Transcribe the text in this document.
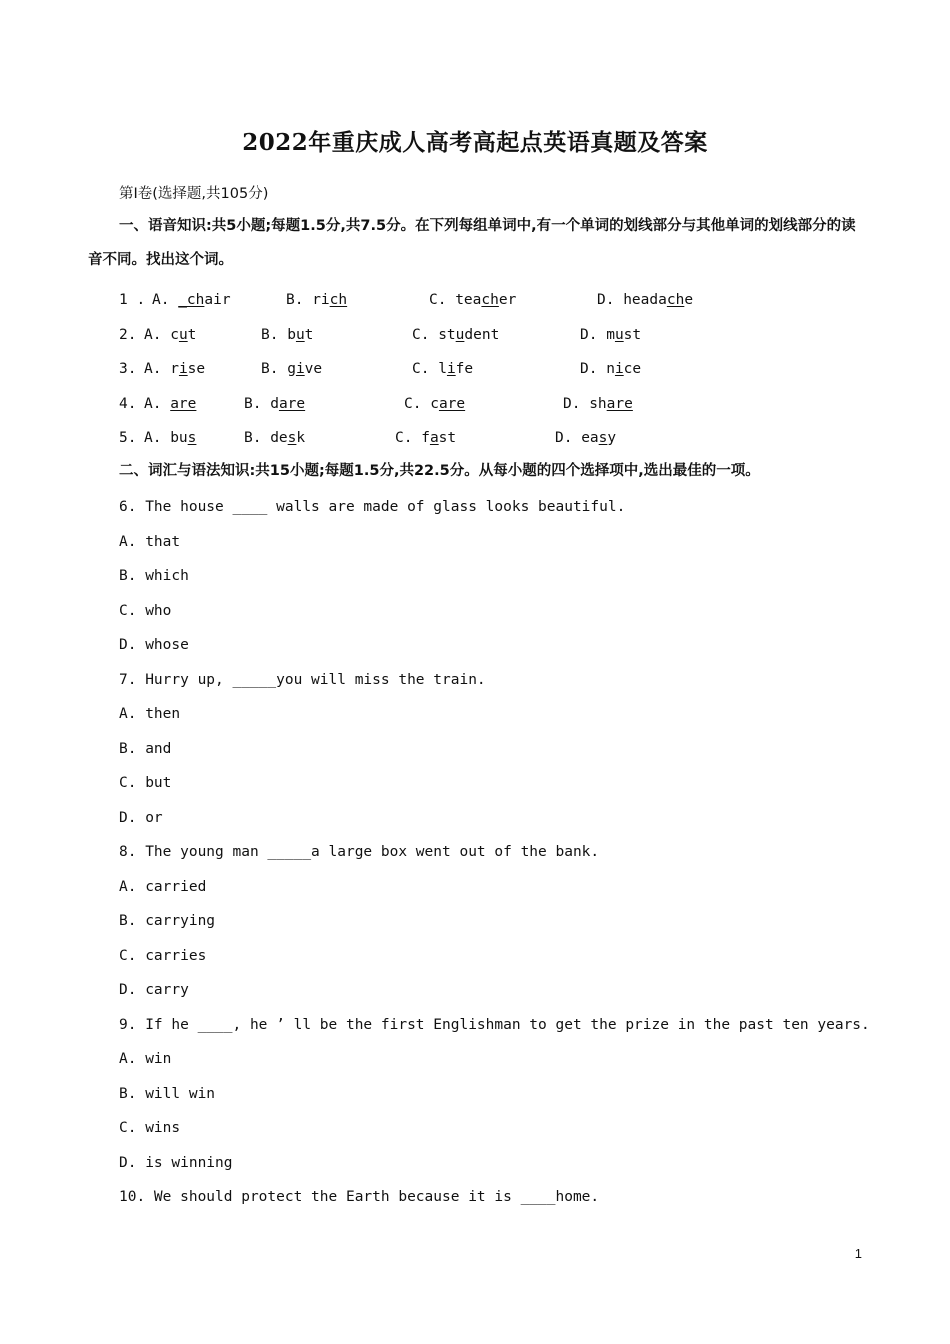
2022年重庆成人高考高起点英语真题及答案
第Ⅰ卷(选择题,共105分)
一、语音知识:共5小题;每题1.5分,共7.5分。在下列每组单词中,有一个单词的划线部分与其他单词的划线部分的读音不同。找出这个词。
1 . A. _chair	B. rich	C. teacher	D. headache
2. A. cut	B. but	C. student	D. must
3. A. rise	B. give	C. life	D. nice
4. A. are	B. dare	C. care	D. share
5. A. bus	B. desk	C. fast	D. easy
二、词汇与语法知识:共15小题;每题1.5分,共22.5分。从每小题的四个选择项中,选出最佳的一项。
6. The house ____ walls are made of glass looks beautiful.
A. that
B. which
C. who
D. whose
7. Hurry up, _____you will miss the train.
A. then
B. and
C. but
D. or
8. The young man _____a large box went out of the bank.
A. carried
B. carrying
C. carries
D. carry
9. If he ____, he ’ ll be the first Englishman to get the prize in the past ten years.
A. win
B. will win
C. wins
D. is winning
10. We should protect the Earth because it is ____home.
1
